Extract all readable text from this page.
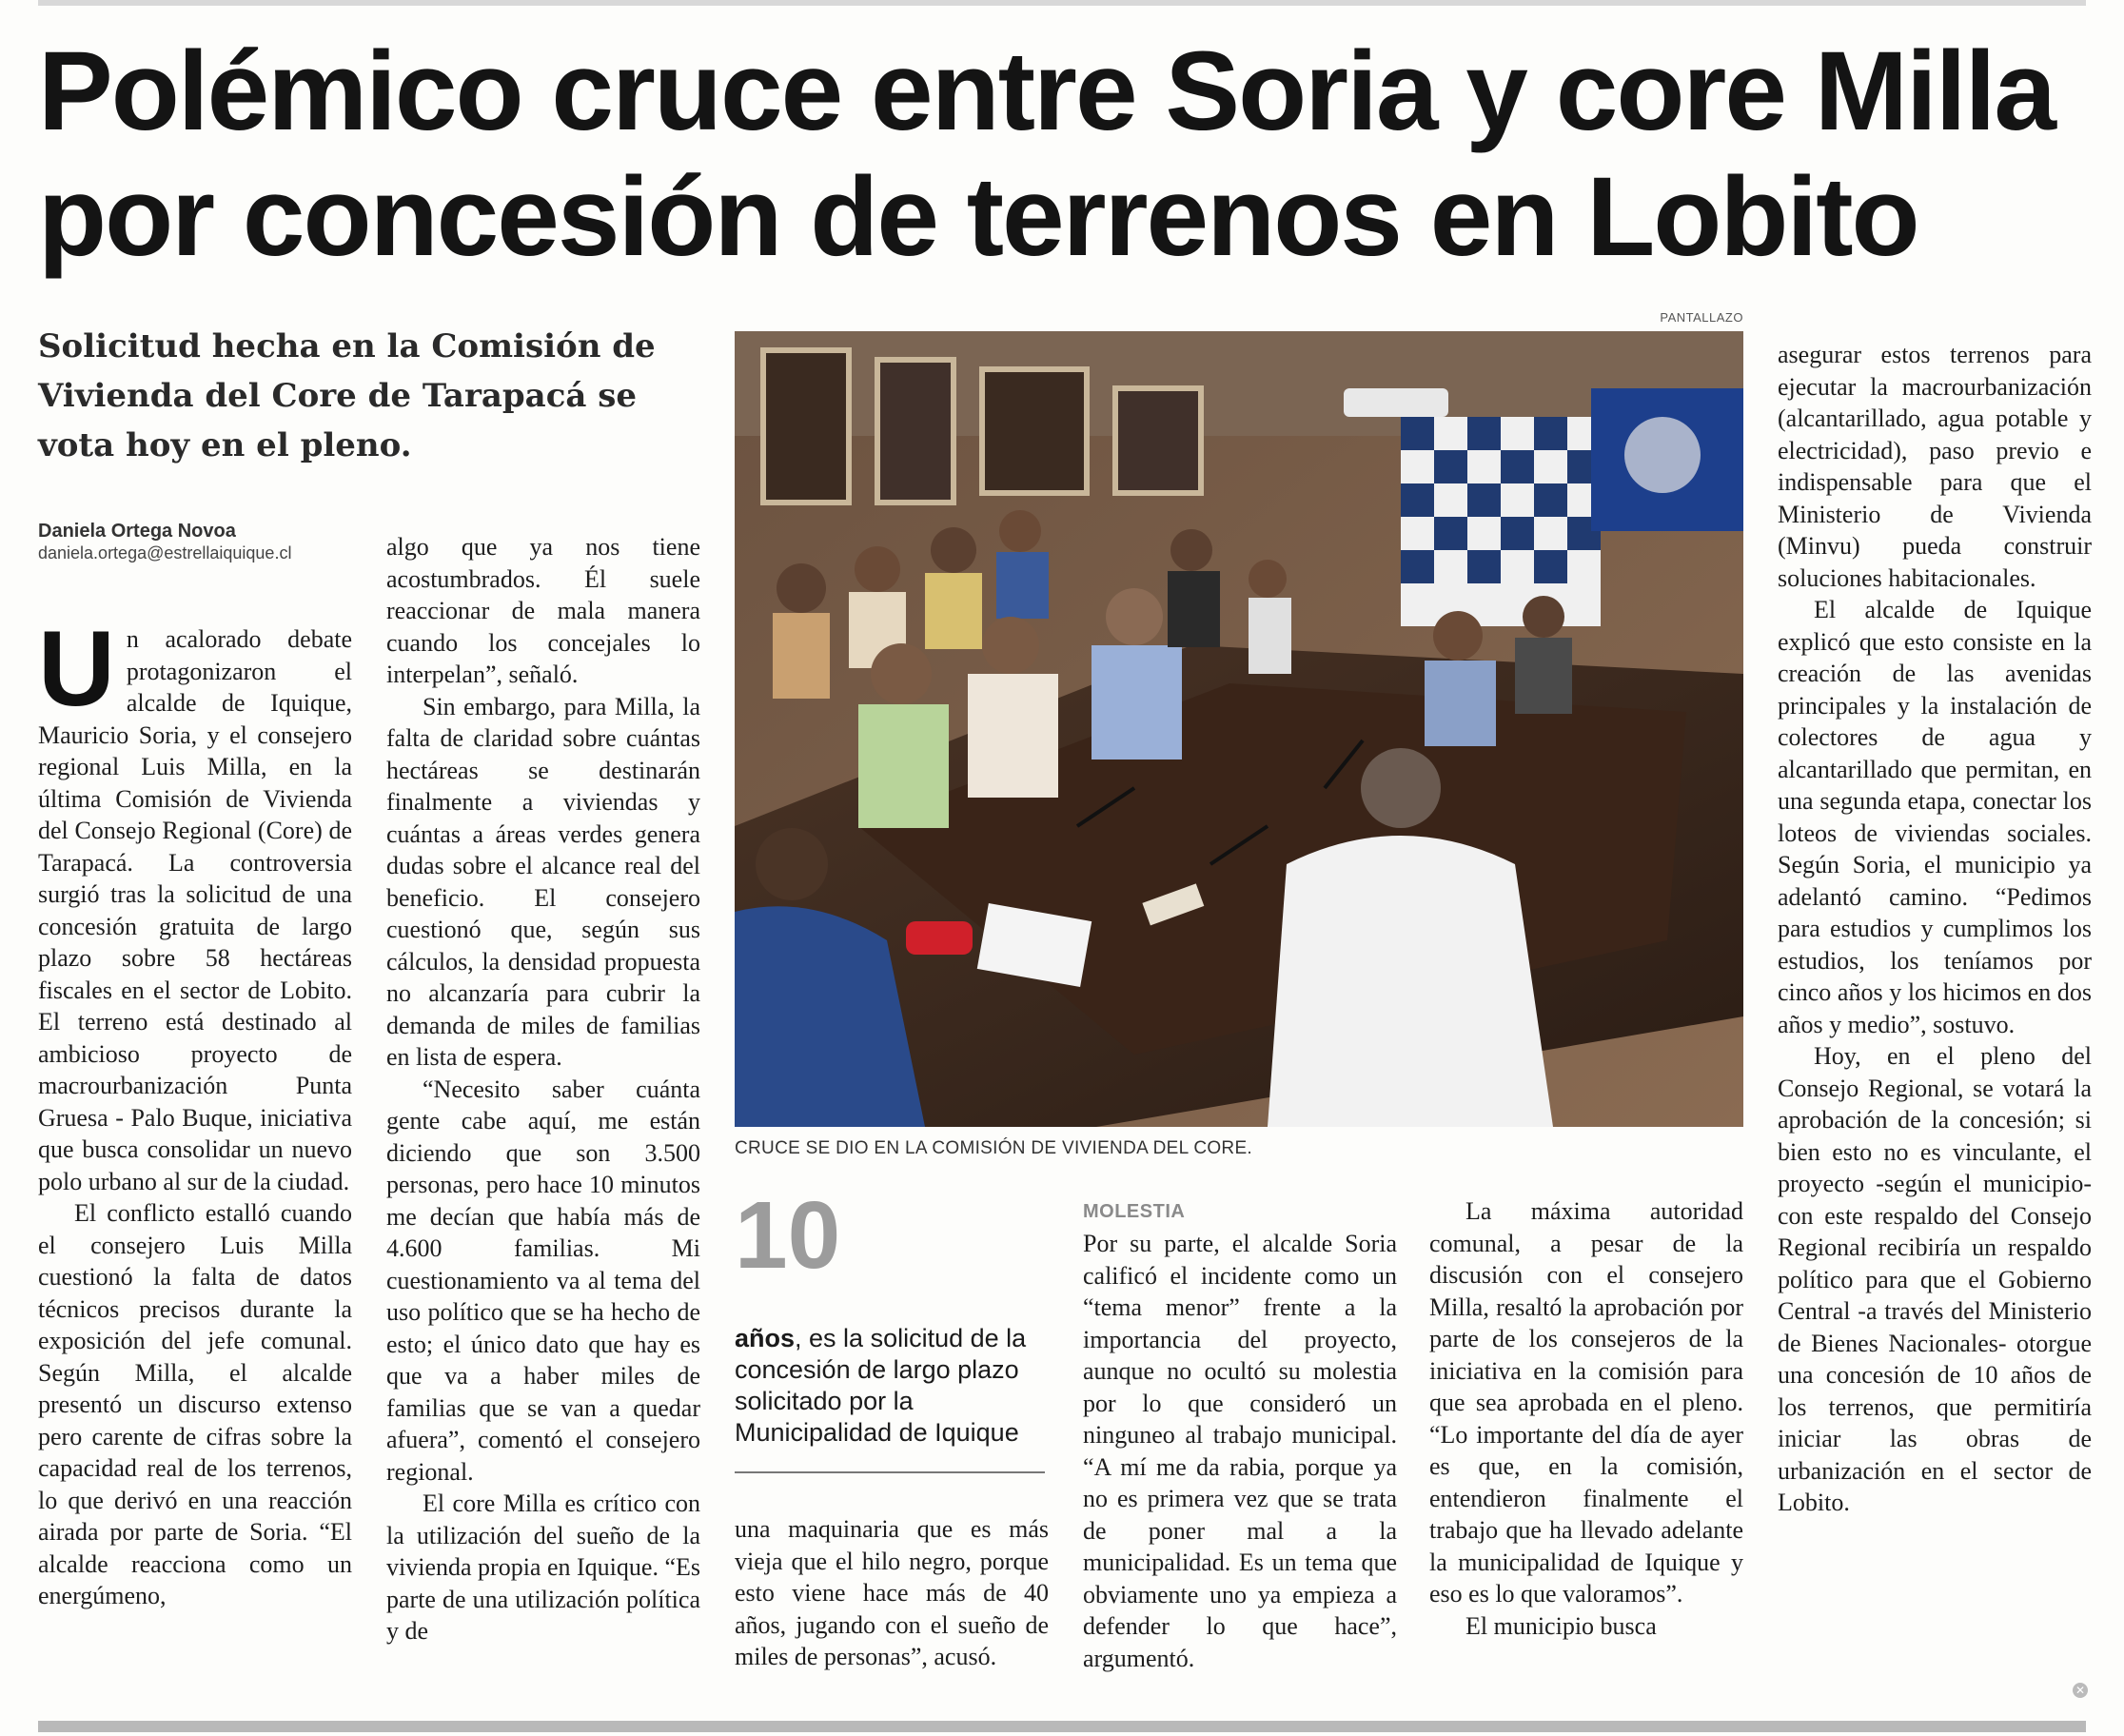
Polémico cruce entre Soria y core Milla por concesión de terrenos en Lobito
Solicitud hecha en la Comisión de Vivienda del Core de Tarapacá se vota hoy en el pleno.
Daniela Ortega Novoa
daniela.ortega@estrellaiquique.cl

Un acalorado debate protagonizaron el alcalde de Iquique, Mauricio Soria, y el consejero regional Luis Milla, en la última Comisión de Vivienda del Consejo Regional (Core) de Tarapacá. La controversia surgió tras la solicitud de una concesión gratuita de largo plazo sobre 58 hectáreas fiscales en el sector de Lobito. El terreno está destinado al ambicioso proyecto de macrourbanización Punta Gruesa - Palo Buque, iniciativa que busca consolidar un nuevo polo urbano al sur de la ciudad.

El conflicto estalló cuando el consejero Luis Milla cuestionó la falta de datos técnicos precisos durante la exposición del jefe comunal. Según Milla, el alcalde presentó un discurso extenso pero carente de cifras sobre la capacidad real de los terrenos, lo que derivó en una reacción airada por parte de Soria. “El alcalde reacciona como un energúmeno,

algo que ya nos tiene acostumbrados. Él suele reaccionar de mala manera cuando los concejales lo interpelan”, señaló.

Sin embargo, para Milla, la falta de claridad sobre cuántas hectáreas se destinarán finalmente a viviendas y cuántas a áreas verdes genera dudas sobre el alcance real del beneficio. El consejero cuestionó que, según sus cálculos, la densidad propuesta no alcanzaría para cubrir la demanda de miles de familias en lista de espera.

“Necesito saber cuánta gente cabe aquí, me están diciendo que son 3.500 personas, pero hace 10 minutos me decían que había más de 4.600 familias. Mi cuestionamiento va al tema del uso político que se ha hecho de esto; el único dato que hay es que va a haber miles de familias que se van a quedar afuera”, comentó el consejero regional.

El core Milla es crítico con la utilización del sueño de la vivienda propia en Iquique. “Es parte de una utilización política y de

PANTALLAZO
CRUCE SE DIO EN LA COMISIÓN DE VIVIENDA DEL CORE.
10
años, es la solicitud de la concesión de largo plazo solicitado por la Municipalidad de Iquique

una maquinaria que es más vieja que el hilo negro, porque esto viene hace más de 40 años, jugando con el sueño de miles de personas”, acusó.

MOLESTIA

Por su parte, el alcalde Soria calificó el incidente como un “tema menor” frente a la importancia del proyecto, aunque no ocultó su molestia por lo que consideró un ninguneo al trabajo municipal. “A mí me da rabia, porque ya no es primera vez que se trata de poner mal a la municipalidad. Es un tema que obviamente uno ya empieza a defender lo que hace”, argumentó.

La máxima autoridad comunal, a pesar de la discusión con el consejero Milla, resaltó la aprobación por parte de los consejeros de la iniciativa en la comisión para que sea aprobada en el pleno. “Lo importante del día de ayer es que, en la comisión, entendieron finalmente el trabajo que ha llevado adelante la municipalidad de Iquique y eso es lo que valoramos”.

El municipio busca

asegurar estos terrenos para ejecutar la macrourbanización (alcantarillado, agua potable y electricidad), paso previo e indispensable para que el Ministerio de Vivienda (Minvu) pueda construir soluciones habitacionales.

El alcalde de Iquique explicó que esto consiste en la creación de las avenidas principales y la instalación de colectores de agua y alcantarillado que permitan, en una segunda etapa, conectar los loteos de viviendas sociales. Según Soria, el municipio ya adelantó camino. “Pedimos para estudios y cumplimos los estudios, los teníamos por cinco años y los hicimos en dos años y medio”, sostuvo.

Hoy, en el pleno del Consejo Regional, se votará la aprobación de la concesión; si bien esto no es vinculante, el proyecto -según el municipio- con este respaldo del Consejo Regional recibiría un respaldo político para que el Gobierno Central -a través del Ministerio de Bienes Nacionales- otorgue una concesión de 10 años de los terrenos, que permitiría iniciar las obras de urbanización en el sector de Lobito.

✕
